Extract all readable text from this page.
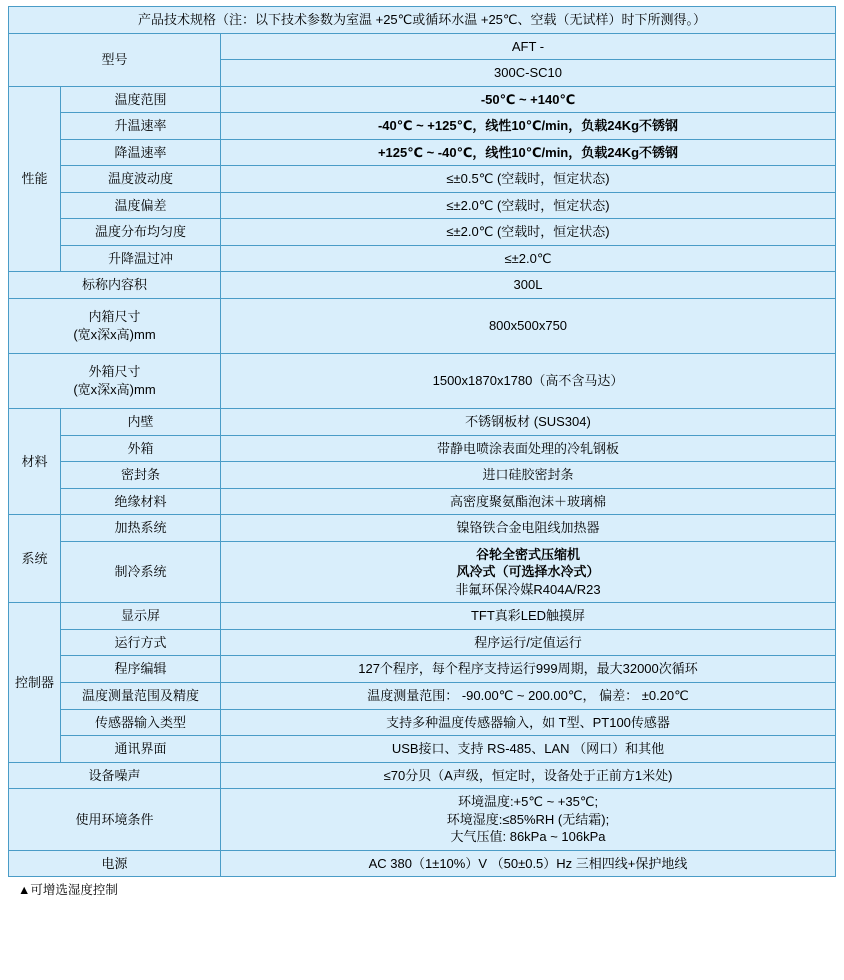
产品技术规格（注：以下技术参数为室温 +25℃或循环水温 +25℃、空载（无试样）时下所测得。）		
型号		AFT -
		300C-SC10
性能	温度范围	-50℃ ~ +140℃
	升温速率	-40℃ ~ +125℃，线性10℃/min，负载24Kg不锈钢
	降温速率	+125℃ ~ -40℃，线性10℃/min，负载24Kg不锈钢
	温度波动度	≤±0.5℃ (空载时，恒定状态)
	温度偏差	≤±2.0℃ (空载时，恒定状态)
	温度分布均匀度	≤±2.0℃ (空载时，恒定状态)
	升降温过冲	≤±2.0℃
标称内容积		300L

内箱尺寸
(宽x深x高)mm		800x500x750

外箱尺寸
(宽x深x高)mm		1500x1870x1780（高不含马达）
材料	内壁	不锈钢板材 (SUS304)
	外箱	带静电喷涂表面处理的冷轧钢板
	密封条	进口硅胶密封条
	绝缘材料	高密度聚氨酯泡沫＋玻璃棉
系统	加热系统	镍铬铁合金电阻线加热器
	制冷系统	谷轮全密式压缩机
风冷式（可选择水冷式）
非氟环保冷媒R404A/R23

控制器	显示屏	TFT真彩LED触摸屏
	运行方式	程序运行/定值运行
	程序编辑	127个程序，每个程序支持运行999周期，最大32000次循环
	温度测量范围及精度	温度测量范围： -90.00℃ ~ 200.00℃， 偏差： ±0.20℃
	传感器输入类型	支持多种温度传感器输入，如 T型、PT100传感器
	通讯界面	USB接口、支持 RS-485、LAN （网口）和其他
设备噪声		≤70分贝（A声级，恒定时，设备处于正前方1米处)
使用环境条件		环境温度:+5℃ ~ +35℃;
环境湿度:≤85%RH (无结霜);
大气压值: 86kPa ~ 106kPa

电源		AC 380（1±10%）V （50±0.5）Hz 三相四线+保护地线
▲可增选湿度控制
